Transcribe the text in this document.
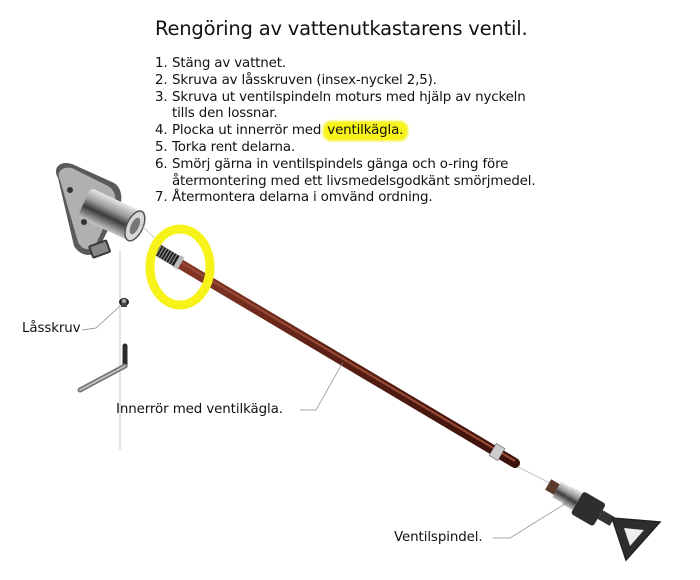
Rengöring av vattenutkastarens ventil.
1. Stäng av vattnet.
2. Skruva av låsskruven (insex-nyckel 2,5).
3. Skruva ut ventilspindeln moturs med hjälp av nyckeln
tills den lossnar.
4. Plocka ut innerrör med ventilkägla.
5. Torka rent delarna.
6. Smörj gärna in ventilspindels gänga och o-ring före
återmontering med ett livsmedelsgodkänt smörjmedel.
7. Återmontera delarna i omvänd ordning.
Låsskruv
Innerrör med ventilkägla.
Ventilspindel.
